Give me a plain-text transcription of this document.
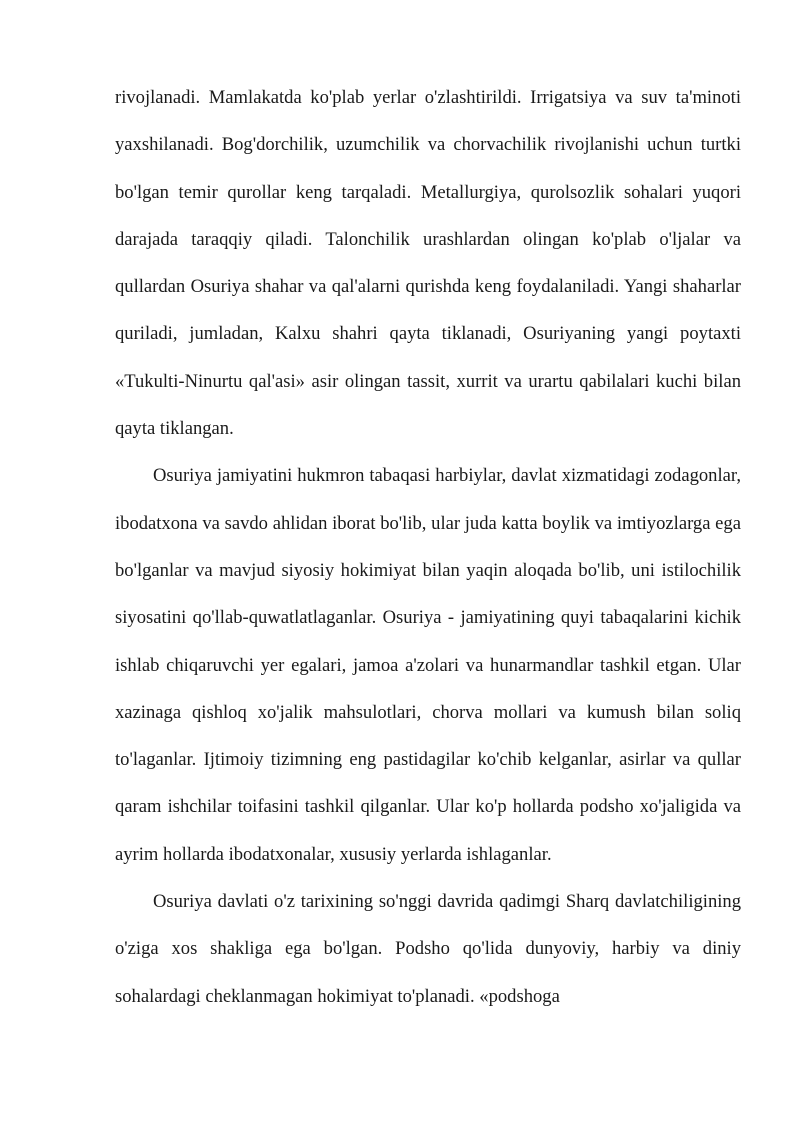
rivojlanadi. Mamlakatda ko'plab yerlar o'zlashtirildi. Irrigatsiya va suv ta'minoti yaxshilanadi. Bog'dorchilik, uzumchilik va chorvachilik rivojlanishi uchun turtki bo'lgan temir qurollar keng tarqaladi. Metallurgiya, qurolsozlik sohalari yuqori darajada taraqqiy qiladi. Talonchilik urashlardan olingan ko'plab o'ljalar va qullardan Osuriya shahar va qal'alarni qurishda keng foydalaniladi. Yangi shaharlar quriladi, jumladan, Kalxu shahri qayta tiklanadi, Osuriyaning yangi poytaxti «Tukulti-Ninurtu qal'asi» asir olingan tassit, xurrit va urartu qabilalari kuchi bilan qayta tiklangan.

Osuriya jamiyatini hukmron tabaqasi harbiylar, davlat xizmatidagi zodagonlar, ibodatxona va savdo ahlidan iborat bo'lib, ular juda katta boylik va imtiyozlarga ega bo'lganlar va mavjud siyosiy hokimiyat bilan yaqin aloqada bo'lib, uni istilochilik siyosatini qo'llab-quwatlatlaganlar. Osuriya - jamiyatining quyi tabaqalarini kichik ishlab chiqaruvchi yer egalari, jamoa a'zolari va hunarmandlar tashkil etgan. Ular xazinaga qishloq xo'jalik mahsulotlari, chorva mollari va kumush bilan soliq to'laganlar. Ijtimoiy tizimning eng pastidagilar ko'chib kelganlar, asirlar va qullar qaram ishchilar toifasini tashkil qilganlar. Ular ko'p hollarda podsho xo'jaligida va ayrim hollarda ibodatxonalar, xususiy yerlarda ishlaganlar.

Osuriya davlati o'z tarixining so'nggi davrida qadimgi Sharq davlatchiligining o'ziga xos shakliga ega bo'lgan. Podsho qo'lida dunyoviy, harbiy va diniy sohalardagi cheklanmagan hokimiyat to'planadi. «podshoga
